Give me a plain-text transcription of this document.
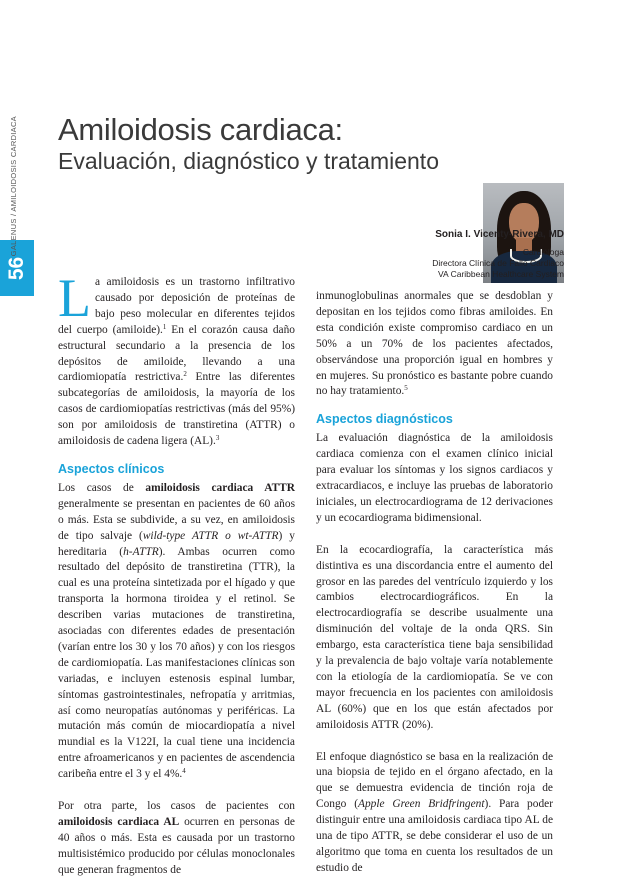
56
GALENUS / AMILOIDOSIS CARDIACA Amiloidosis cardiaca:
Evaluación, diagnóstico y tratamiento
Sonia I. Vicenty-Rivera, MD
Cardióloga
Directora Clínica de Fallo Cardiaco
VA Caribbean Healthcare System

La amiloidosis es un trastorno infiltrativo causado por deposición de proteínas de bajo peso molecular en diferentes tejidos del cuerpo (amiloide).$^1$ En el corazón causa daño estructural secundario a la presencia de los depósitos de amiloide, llevando a una cardiomiopatía restrictiva.$^2$ Entre las diferentes subcategorías de amiloidosis, la mayoría de los casos de cardiomiopatías restrictivas (más del 95%) son por amiloidosis de transtiretina (ATTR) o amiloidosis de cadena ligera (AL).$^3$

Aspectos clínicos

Los casos de amiloidosis cardiaca ATTR generalmente se presentan en pacientes de 60 años o más. Esta se subdivide, a su vez, en amiloidosis de tipo salvaje (wild-type ATTR o wt-ATTR) y hereditaria (h-ATTR). Ambas ocurren como resultado del depósito de transtiretina (TTR), la cual es una proteína sintetizada por el hígado y que transporta la hormona tiroidea y el retinol. Se describen varias mutaciones de transtiretina, asociadas con diferentes edades de presentación (varían entre los 30 y los 70 años) y con los riesgos de cardiomiopatía. Las manifestaciones clínicas son variadas, e incluyen estenosis espinal lumbar, síntomas gastrointestinales, nefropatía y arritmias, así como neuropatías autónomas y periféricas. La mutación más común de miocardiopatía a nivel mundial es la V122I, la cual tiene una incidencia entre afroamericanos y en pacientes de ascendencia caribeña entre el 3 y el 4%.$^4$

Por otra parte, los casos de pacientes con amiloidosis cardiaca AL ocurren en personas de 40 años o más. Esta es causada por un trastorno multisistémico producido por células monoclonales que generan fragmentos de

inmunoglobulinas anormales que se desdoblan y depositan en los tejidos como fibras amiloides. En esta condición existe compromiso cardiaco en un 50% a un 70% de los pacientes afectados, observándose una proporción igual en hombres y en mujeres. Su pronóstico es bastante pobre cuando no hay tratamiento.$^5$

Aspectos diagnósticos

La evaluación diagnóstica de la amiloidosis cardiaca comienza con el examen clínico inicial para evaluar los síntomas y los signos cardiacos y extracardiacos, e incluye las pruebas de laboratorio iniciales, un electrocardiograma de 12 derivaciones y un ecocardiograma bidimensional.

En la ecocardiografía, la característica más distintiva es una discordancia entre el aumento del grosor en las paredes del ventrículo izquierdo y los cambios electrocardiográficos. En la electrocardiografía se describe usualmente una disminución del voltaje de la onda QRS. Sin embargo, esta característica tiene baja sensibilidad y la prevalencia de bajo voltaje varía notablemente con la etiología de la cardiomiopatía. Se ve con mayor frecuencia en los pacientes con amiloidosis AL (60%) que en los que están afectados por amiloidosis ATTR (20%).

El enfoque diagnóstico se basa en la realización de una biopsia de tejido en el órgano afectado, en la que se demuestra evidencia de tinción roja de Congo (Apple Green Bridfringent). Para poder distinguir entre una amiloidosis cardiaca tipo AL de una de tipo ATTR, se debe considerar el uso de un algoritmo que toma en cuenta los resultados de un estudio de
